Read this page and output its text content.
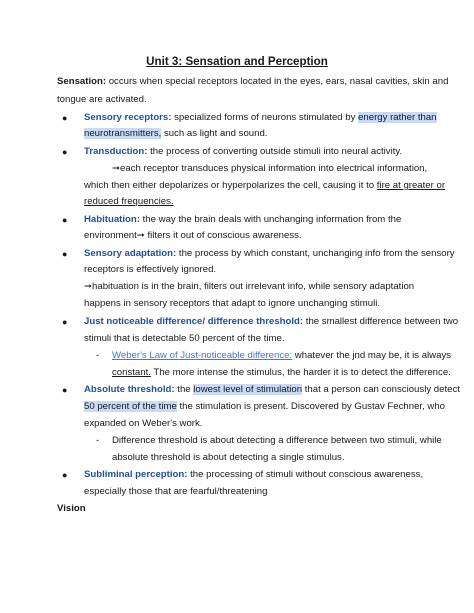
Unit 3: Sensation and Perception
Sensation: occurs when special receptors located in the eyes, ears, nasal cavities, skin and
tongue are activated.
● Sensory receptors: specialized forms of neurons stimulated by energy rather than
neurotransmitters, such as light and sound.
● Transduction: the process of converting outside stimuli into neural activity.
➞each receptor transduces physical information into electrical information,
which then either depolarizes or hyperpolarizes the cell, causing it to fire at greater or
reduced frequencies.
● Habituation: the way the brain deals with unchanging information from the
environment➞ filters it out of conscious awareness.
● Sensory adaptation: the process by which constant, unchanging info from the sensory
receptors is effectively ignored.
➞habituation is in the brain, filters out irrelevant info, while sensory adaptation
happens in sensory receptors that adapt to ignore unchanging stimuli.
● Just noticeable difference/ difference threshold: the smallest difference between two
stimuli that is detectable 50 percent of the time.
- Weber's Law of Just-noticeable difference: whatever the jnd may be, it is always
constant. The more intense the stimulus, the harder it is to detect the difference.
● Absolute threshold: the lowest level of stimulation that a person can consciously detect
50 percent of the time the stimulation is present. Discovered by Gustav Fechner, who
expanded on Weber's work.
- Difference threshold is about detecting a difference between two stimuli, while
absolute threshold is about detecting a single stimulus.
● Subliminal perception: the processing of stimuli without conscious awareness,
especially those that are fearful/threatening
Vision
